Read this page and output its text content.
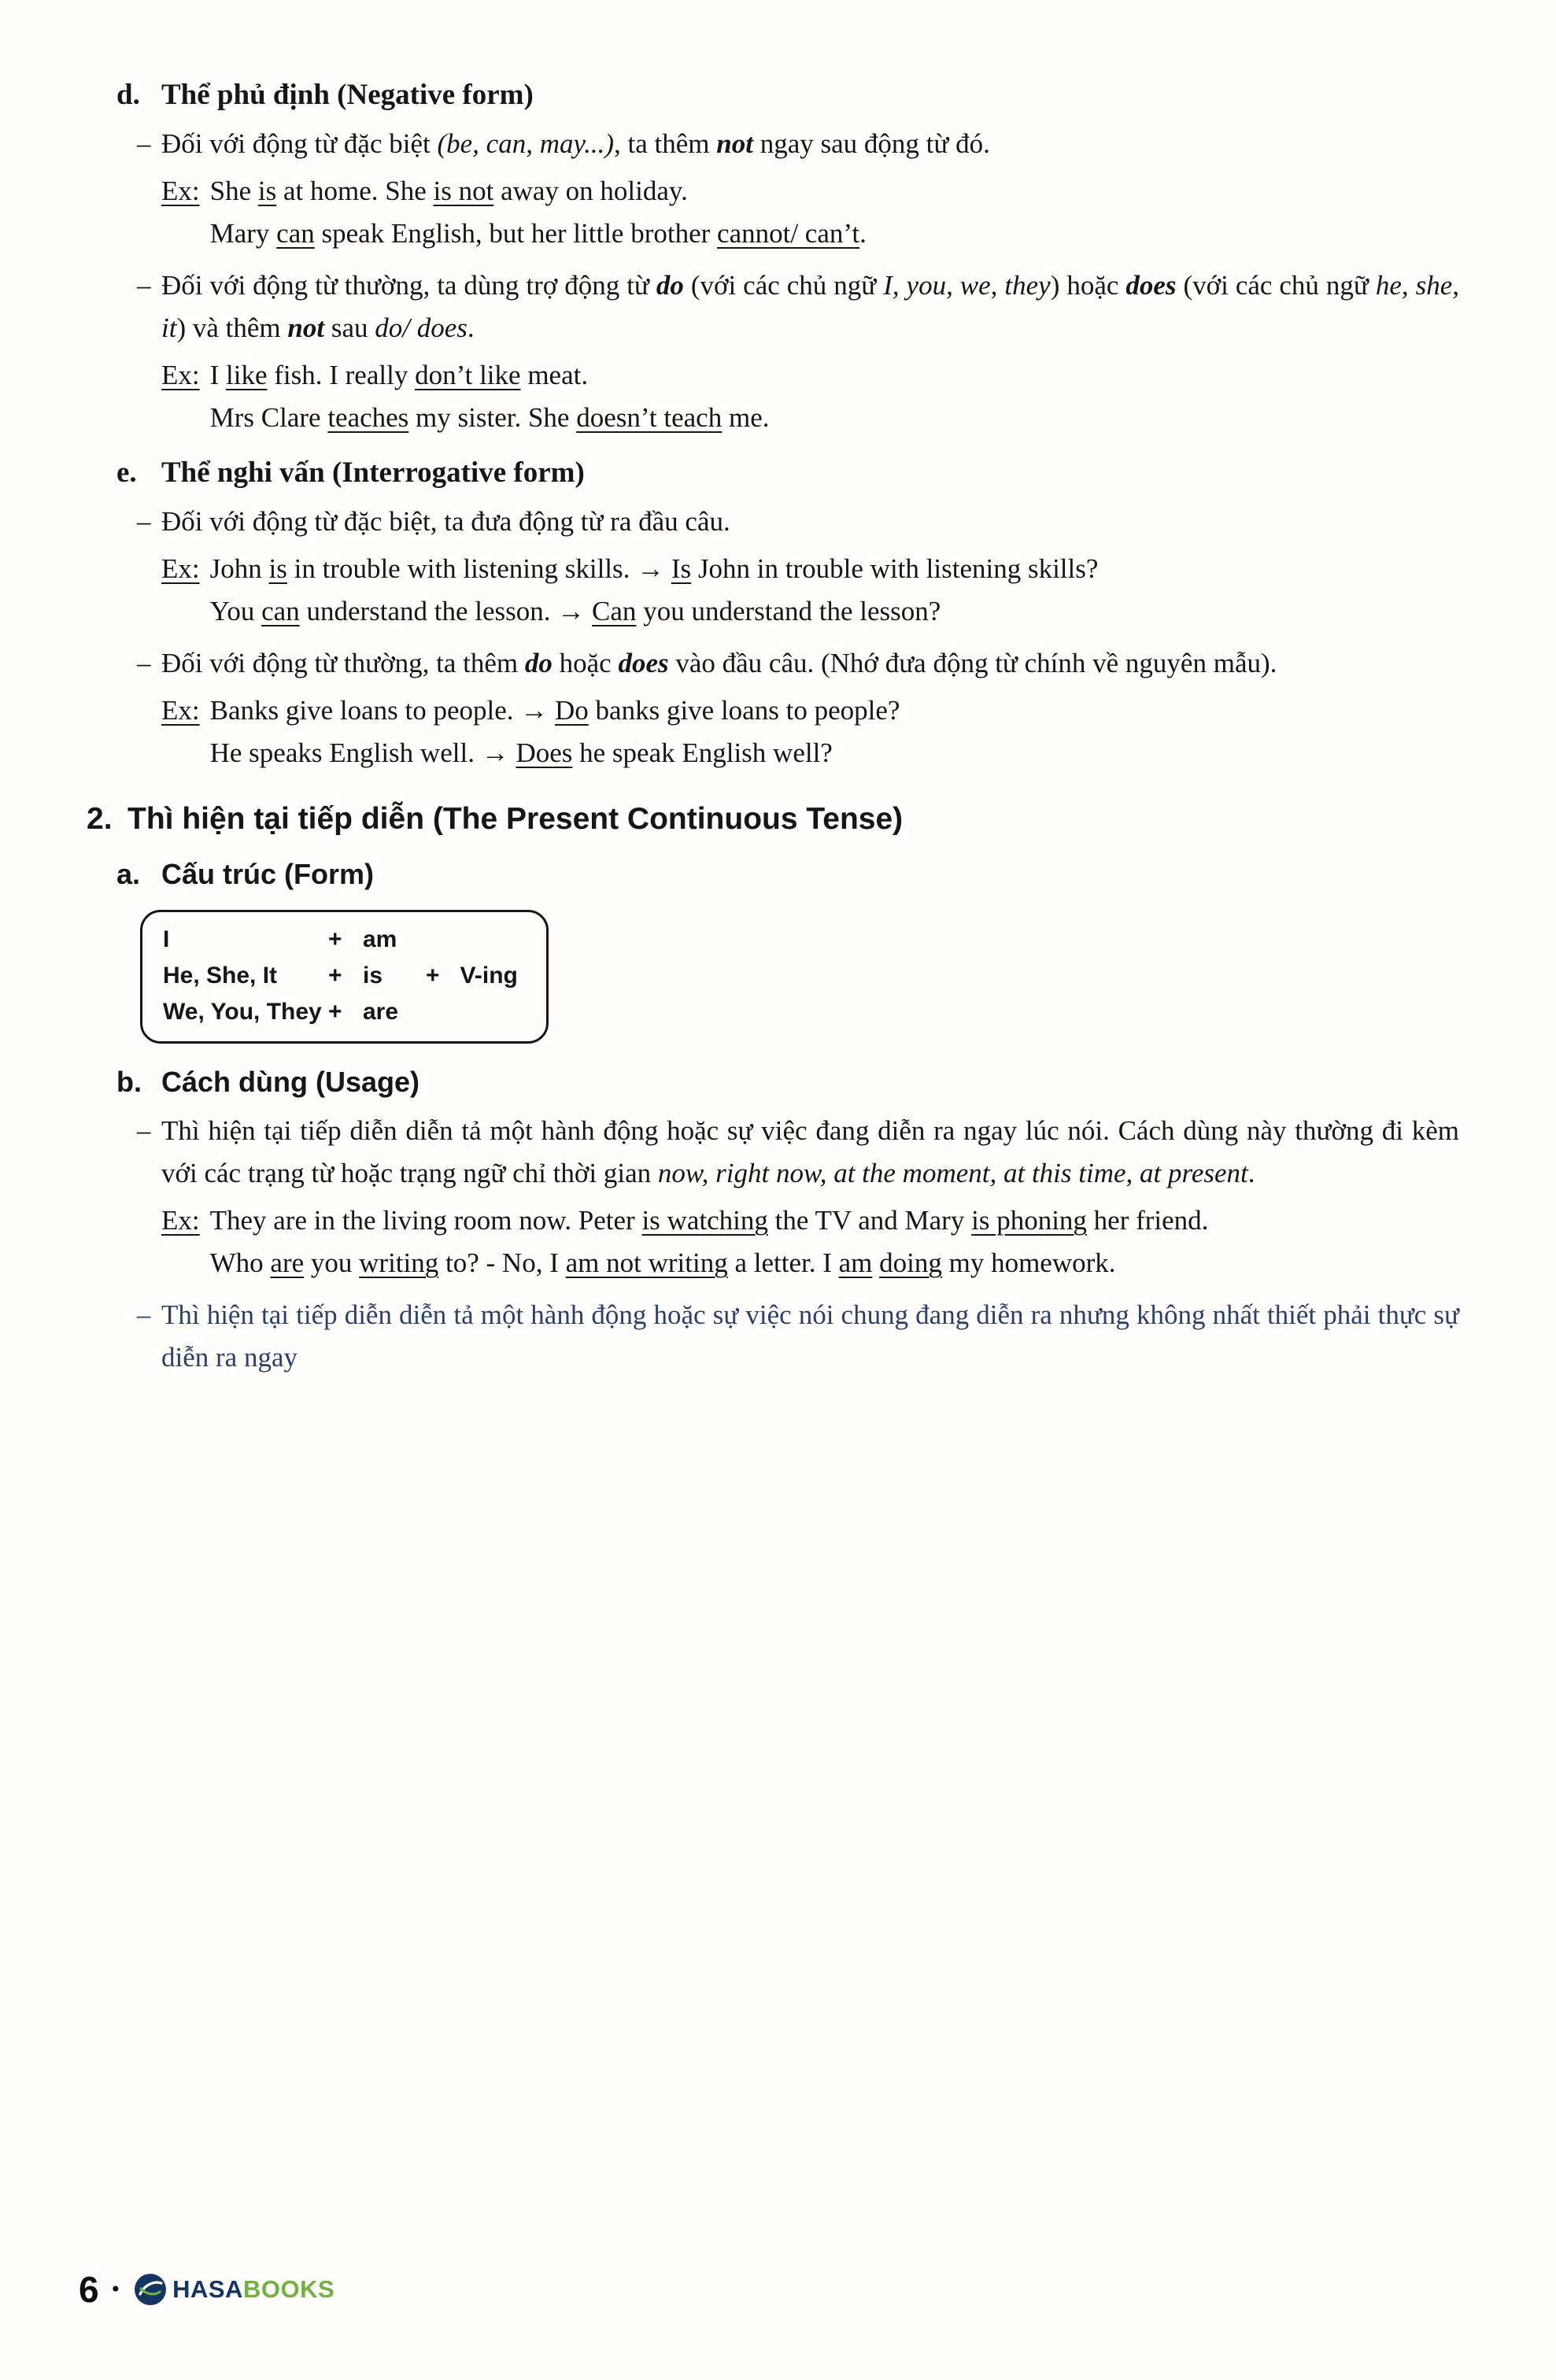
d. Thể phủ định (Negative form)

– Đối với động từ đặc biệt (be, can, may...), ta thêm not ngay sau động từ đó.

Ex: She is at home. She is not away on holiday.

Mary can speak English, but her little brother cannot/ can’t.

– Đối với động từ thường, ta dùng trợ động từ do (với các chủ ngữ I, you, we, they) hoặc does (với các chủ ngữ he, she, it) và thêm not sau do/ does.

Ex: I like fish. I really don’t like meat.

Mrs Clare teaches my sister. She doesn’t teach me.

e. Thể nghi vấn (Interrogative form)

– Đối với động từ đặc biệt, ta đưa động từ ra đầu câu.

Ex: John is in trouble with listening skills. → Is John in trouble with listening skills?

You can understand the lesson. → Can you understand the lesson?

– Đối với động từ thường, ta thêm do hoặc does vào đầu câu. (Nhớ đưa động từ chính về nguyên mẫu).

Ex: Banks give loans to people. → Do banks give loans to people?

He speaks English well. → Does he speak English well?

2. Thì hiện tại tiếp diễn (The Present Continuous Tense)
a. Cấu trúc (Form)
I
He, She, It
We, You, They
+
+
+
am
is
are
+ V-ing
b. Cách dùng (Usage)

– Thì hiện tại tiếp diễn diễn tả một hành động hoặc sự việc đang diễn ra ngay lúc nói. Cách dùng này thường đi kèm với các trạng từ hoặc trạng ngữ chỉ thời gian now, right now, at the moment, at this time, at present.

Ex: They are in the living room now. Peter is watching the TV and Mary is phoning her friend.

Who are you writing to? - No, I am not writing a letter. I am doing my homework.

– Thì hiện tại tiếp diễn diễn tả một hành động hoặc sự việc nói chung đang diễn ra nhưng không nhất thiết phải thực sự diễn ra ngay

6 • HASABOOKS
